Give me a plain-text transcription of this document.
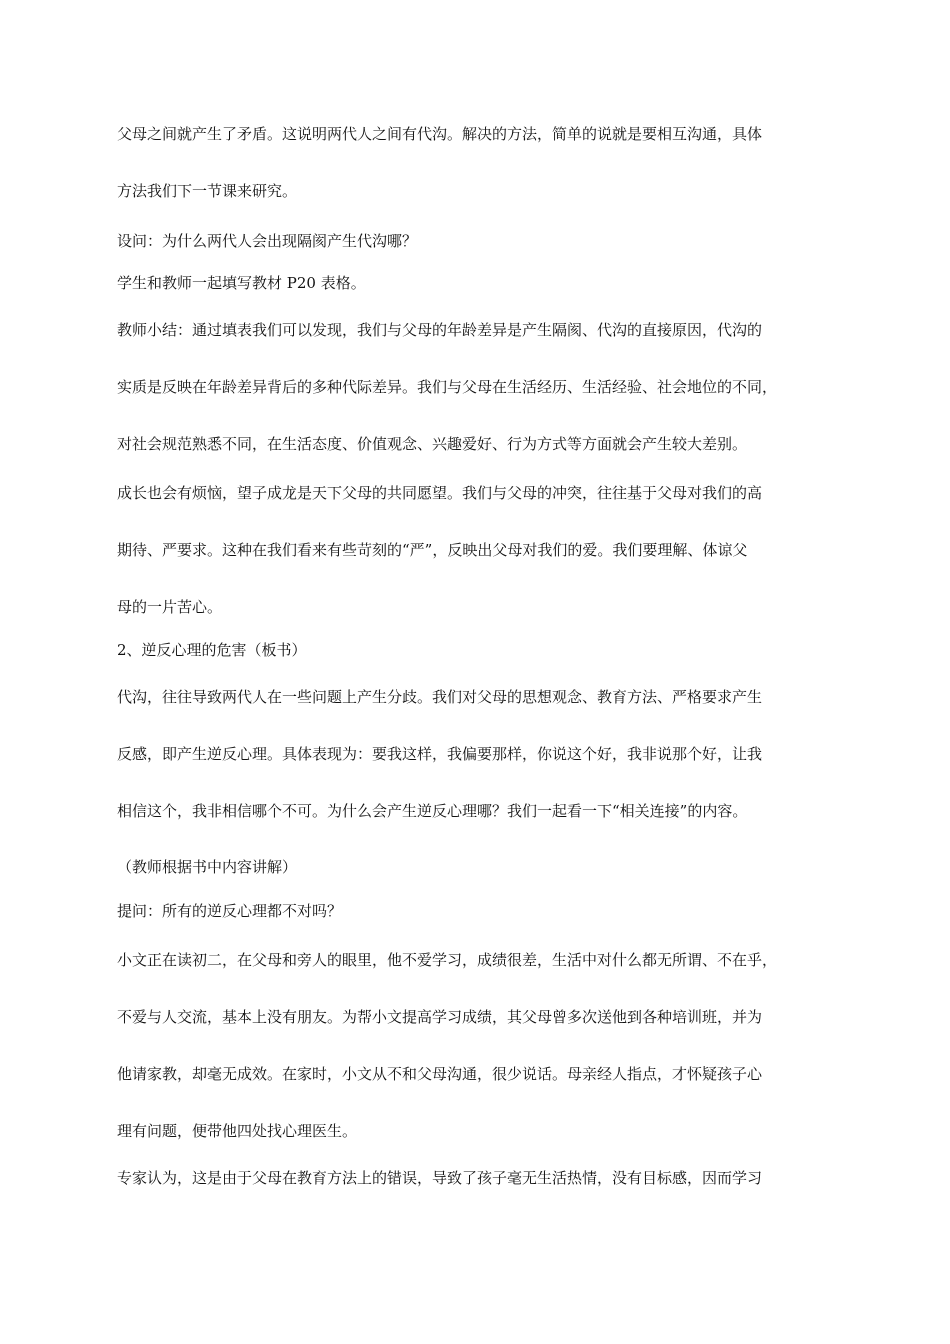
父母之间就产生了矛盾。这说明两代人之间有代沟。解决的方法，简单的说就是要相互沟通，具体
方法我们下一节课来研究。
设问：为什么两代人会出现隔阂产生代沟哪？
学生和教师一起填写教材 P20 表格。
教师小结：通过填表我们可以发现，我们与父母的年龄差异是产生隔阂、代沟的直接原因，代沟的
实质是反映在年龄差异背后的多种代际差异。我们与父母在生活经历、生活经验、社会地位的不同，
对社会规范熟悉不同，在生活态度、价值观念、兴趣爱好、行为方式等方面就会产生较大差别。
成长也会有烦恼，望子成龙是天下父母的共同愿望。我们与父母的冲突，往往基于父母对我们的高
期待、严要求。这种在我们看来有些苛刻的“严”，反映出父母对我们的爱。我们要理解、体谅父
母的一片苦心。
2、逆反心理的危害（板书）
代沟，往往导致两代人在一些问题上产生分歧。我们对父母的思想观念、教育方法、严格要求产生
反感，即产生逆反心理。具体表现为：要我这样，我偏要那样，你说这个好，我非说那个好，让我
相信这个，我非相信哪个不可。为什么会产生逆反心理哪？我们一起看一下“相关连接”的内容。
（教师根据书中内容讲解）
提问：所有的逆反心理都不对吗？
小文正在读初二，在父母和旁人的眼里，他不爱学习，成绩很差，生活中对什么都无所谓、不在乎，
不爱与人交流，基本上没有朋友。为帮小文提高学习成绩，其父母曾多次送他到各种培训班，并为
他请家教，却毫无成效。在家时，小文从不和父母沟通，很少说话。母亲经人指点，才怀疑孩子心
理有问题，便带他四处找心理医生。
专家认为，这是由于父母在教育方法上的错误，导致了孩子毫无生活热情，没有目标感，因而学习
